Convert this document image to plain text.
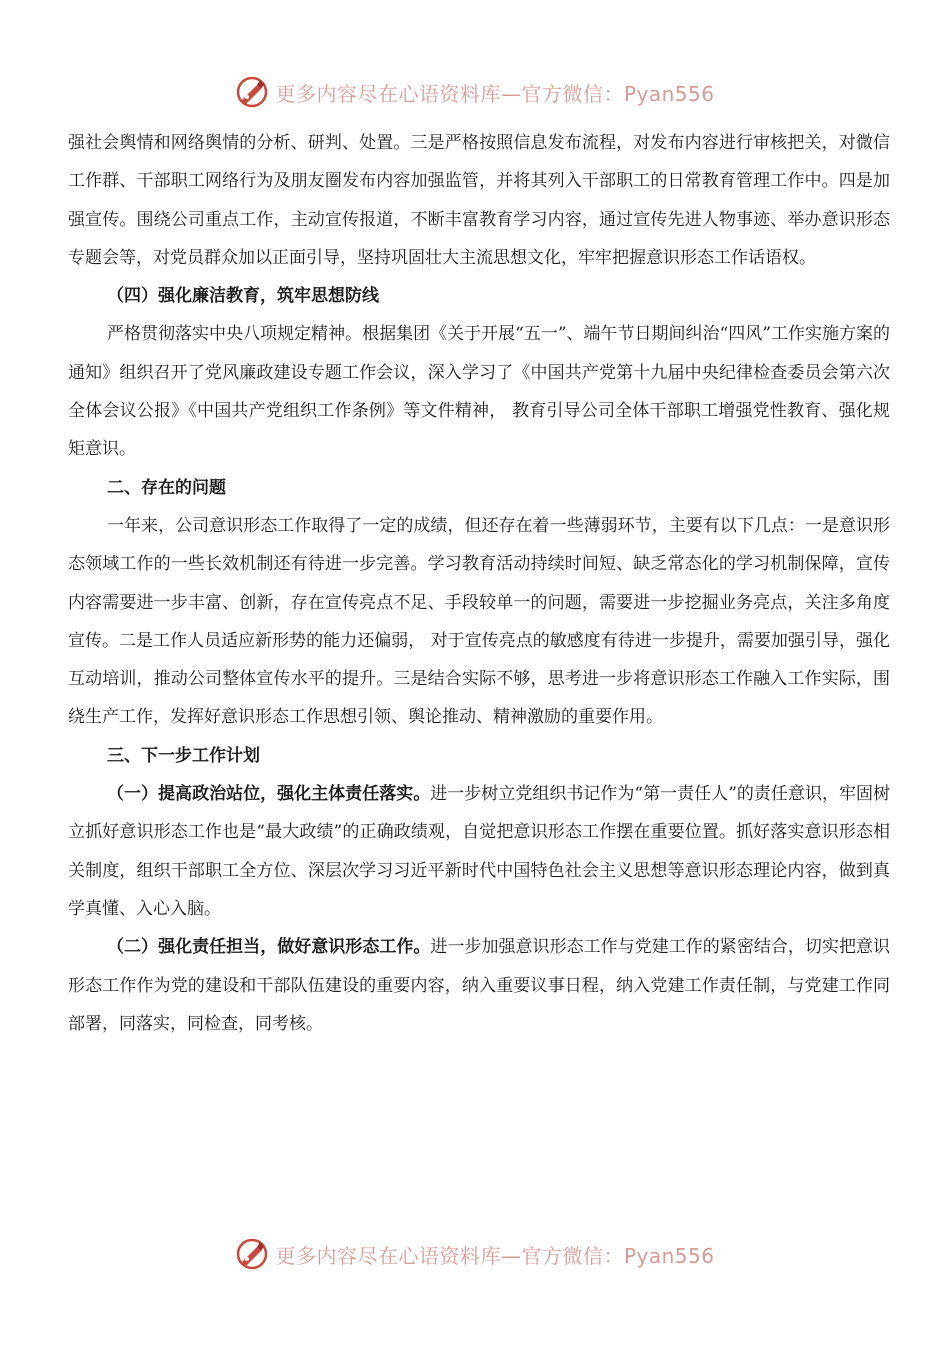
更多内容尽在心语资料库—官方微信：Pyan556

强社会舆情和网络舆情的分析、研判、处置。三是严格按照信息发布流程，对发布内容进行审核把关，对微信工作群、干部职工网络行为及朋友圈发布内容加强监管，并将其列入干部职工的日常教育管理工作中。四是加强宣传。围绕公司重点工作，主动宣传报道，不断丰富教育学习内容，通过宣传先进人物事迹、举办意识形态专题会等，对党员群众加以正面引导，坚持巩固壮大主流思想文化，牢牢把握意识形态工作话语权。

（四）强化廉洁教育，筑牢思想防线

严格贯彻落实中央八项规定精神。根据集团《关于开展“五一”、端午节日期间纠治“四风”工作实施方案的通知》组织召开了党风廉政建设专题工作会议，深入学习了《中国共产党第十九届中央纪律检查委员会第六次全体会议公报》《中国共产党组织工作条例》等文件精神， 教育引导公司全体干部职工增强党性教育、强化规矩意识。

二、存在的问题

一年来，公司意识形态工作取得了一定的成绩，但还存在着一些薄弱环节，主要有以下几点：一是意识形态领域工作的一些长效机制还有待进一步完善。学习教育活动持续时间短、缺乏常态化的学习机制保障，宣传内容需要进一步丰富、创新，存在宣传亮点不足、手段较单一的问题，需要进一步挖掘业务亮点，关注多角度宣传。二是工作人员适应新形势的能力还偏弱， 对于宣传亮点的敏感度有待进一步提升，需要加强引导，强化互动培训，推动公司整体宣传水平的提升。三是结合实际不够，思考进一步将意识形态工作融入工作实际，围绕生产工作，发挥好意识形态工作思想引领、舆论推动、精神激励的重要作用。

三、下一步工作计划

（一）提高政治站位，强化主体责任落实。进一步树立党组织书记作为“第一责任人”的责任意识，牢固树立抓好意识形态工作也是“最大政绩”的正确政绩观，自觉把意识形态工作摆在重要位置。抓好落实意识形态相关制度，组织干部职工全方位、深层次学习习近平新时代中国特色社会主义思想等意识形态理论内容，做到真学真懂、入心入脑。

（二）强化责任担当，做好意识形态工作。进一步加强意识形态工作与党建工作的紧密结合，切实把意识形态工作作为党的建设和干部队伍建设的重要内容，纳入重要议事日程，纳入党建工作责任制，与党建工作同部署，同落实，同检查，同考核。

更多内容尽在心语资料库—官方微信：Pyan556
